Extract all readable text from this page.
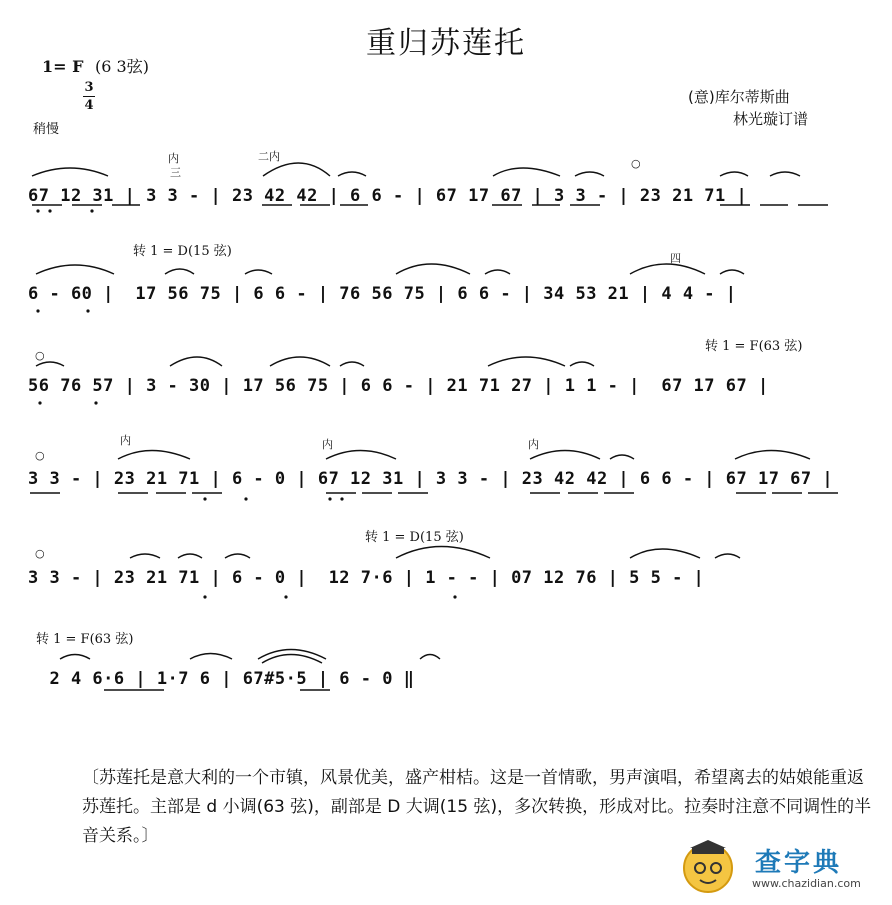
重归苏莲托
1= F (6 3弦)
3
4
稍慢
(意)库尔蒂斯曲
林光璇订谱
67 12 31 | 3 3 - | 23 42 42 | 6 6 - | 67 17 67 | 3 3 - | 23 21 71 |
6 - 60 |  17 56 75 | 6 6 - | 76 56 75 | 6 6 - | 34 53 21 | 4 4 - |
56 76 57 | 3 - 30 | 17 56 75 | 6 6 - | 21 71 27 | 1 1 - |  67 17 67 |
3 3 - | 23 21 71 | 6 - 0 | 67 12 31 | 3 3 - | 23 42 42 | 6 6 - | 67 17 67 |
3 3 - | 23 21 71 | 6 - 0 |  12 7·6 | 1 - - | 07 12 76 | 5 5 - |
2 4 6·6 | 1·7 6 | 67#5·5 | 6 - 0 ‖
转 1 = D(15 弦)
转 1 = F(63 弦)
转 1 = D(15 弦)
转 1 = F(63 弦)
内
三
二内
○
四
○
内	内	内
○
○
〔苏莲托是意大利的一个市镇，风景优美，盛产柑桔。这是一首情歌，男声演唱，希望离去的姑娘能重返苏莲托。主部是 d 小调(63 弦)，副部是 D 大调(15 弦)，多次转换，形成对比。拉奏时注意不同调性的半音关系。〕
查字典
www.chazidian.com
